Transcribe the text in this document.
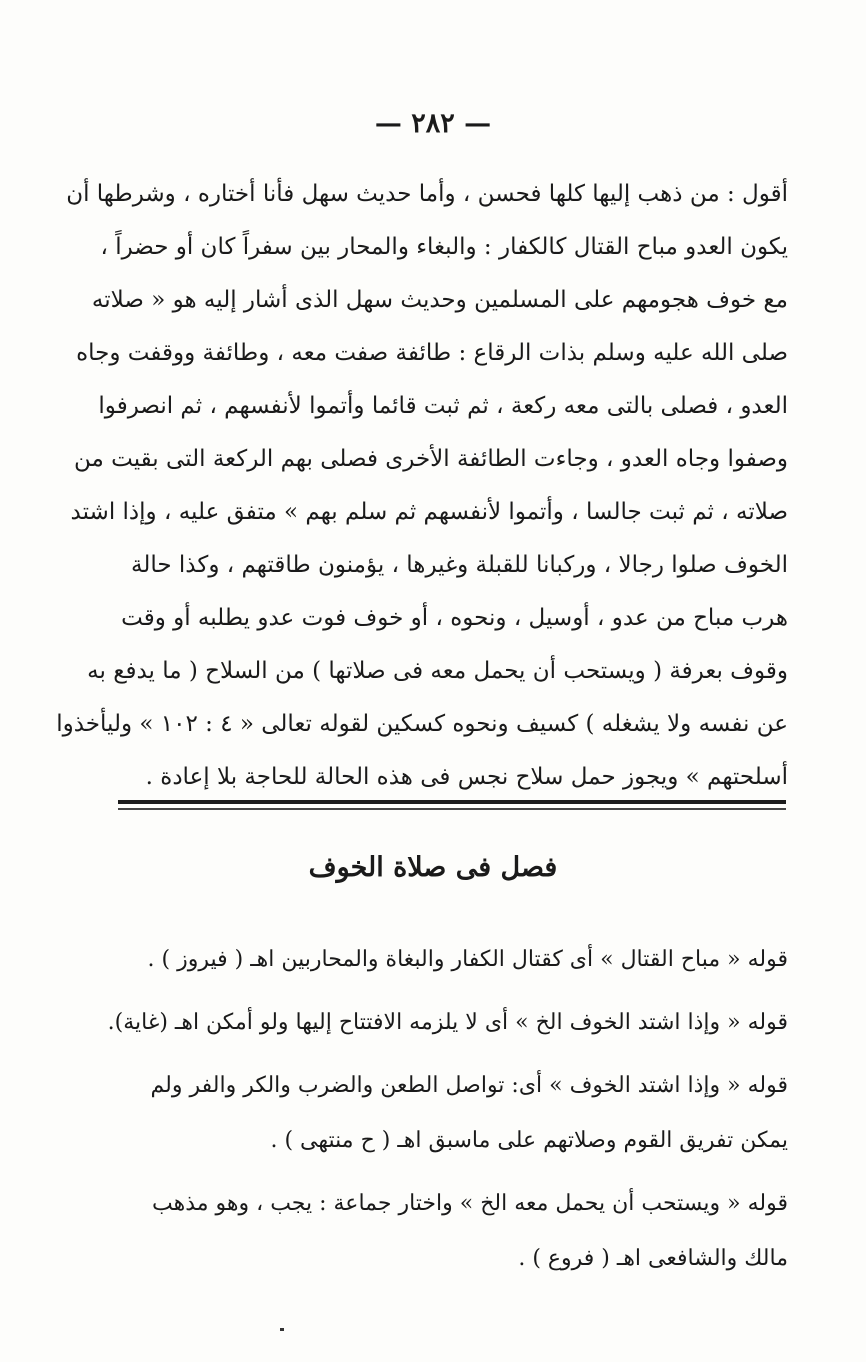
— ٢٨٢ —
أقول : من ذهب إليها كلها فحسن ، وأما حديث سهل فأنا أختاره ، وشرطها أن
يكون العدو مباح القتال كالكفار : والبغاء والمحار بين سفراً كان أو حضراً ،
مع خوف هجومهم على المسلمين وحديث سهل الذى أشار إليه هو « صلاته
صلى الله عليه وسلم بذات الرقاع : طائفة صفت معه ، وطائفة ووقفت وجاه
العدو ، فصلى بالتى معه ركعة ، ثم ثبت قائما وأتموا لأنفسهم ، ثم انصرفوا
وصفوا وجاه العدو ، وجاءت الطائفة الأخرى فصلى بهم الركعة التى بقيت من
صلاته ، ثم ثبت جالسا ، وأتموا لأنفسهم ثم سلم بهم » متفق عليه ، وإذا اشتد
الخوف صلوا رجالا ، وركبانا للقبلة وغيرها ، يؤمنون طاقتهم ، وكذا حالة
هرب مباح من عدو ، أوسيل ، ونحوه ، أو خوف فوت عدو يطلبه أو وقت
وقوف بعرفة ( ويستحب أن يحمل معه فى صلاتها ) من السلاح ( ما يدفع به
عن نفسه ولا يشغله ) كسيف ونحوه كسكين لقوله تعالى « ٤ : ١٠٢ » وليأخذوا
أسلحتهم » ويجوز حمل سلاح نجس فى هذه الحالة للحاجة بلا إعادة .
فصل فى صلاة الخوف
قوله « مباح القتال » أى كقتال الكفار والبغاة والمحاربين اهـ ( فيروز ) .
قوله « وإذا اشتد الخوف الخ » أى لا يلزمه الافتتاح إليها ولو أمكن اهـ (غاية).
قوله « وإذا اشتد الخوف » أى: تواصل الطعن والضرب والكر والفر ولم
يمكن تفريق القوم وصلاتهم على ماسبق اهـ ( ح منتهى ) .
قوله « ويستحب أن يحمل معه الخ » واختار جماعة : يجب ، وهو مذهب
مالك والشافعى اهـ ( فروع ) .
